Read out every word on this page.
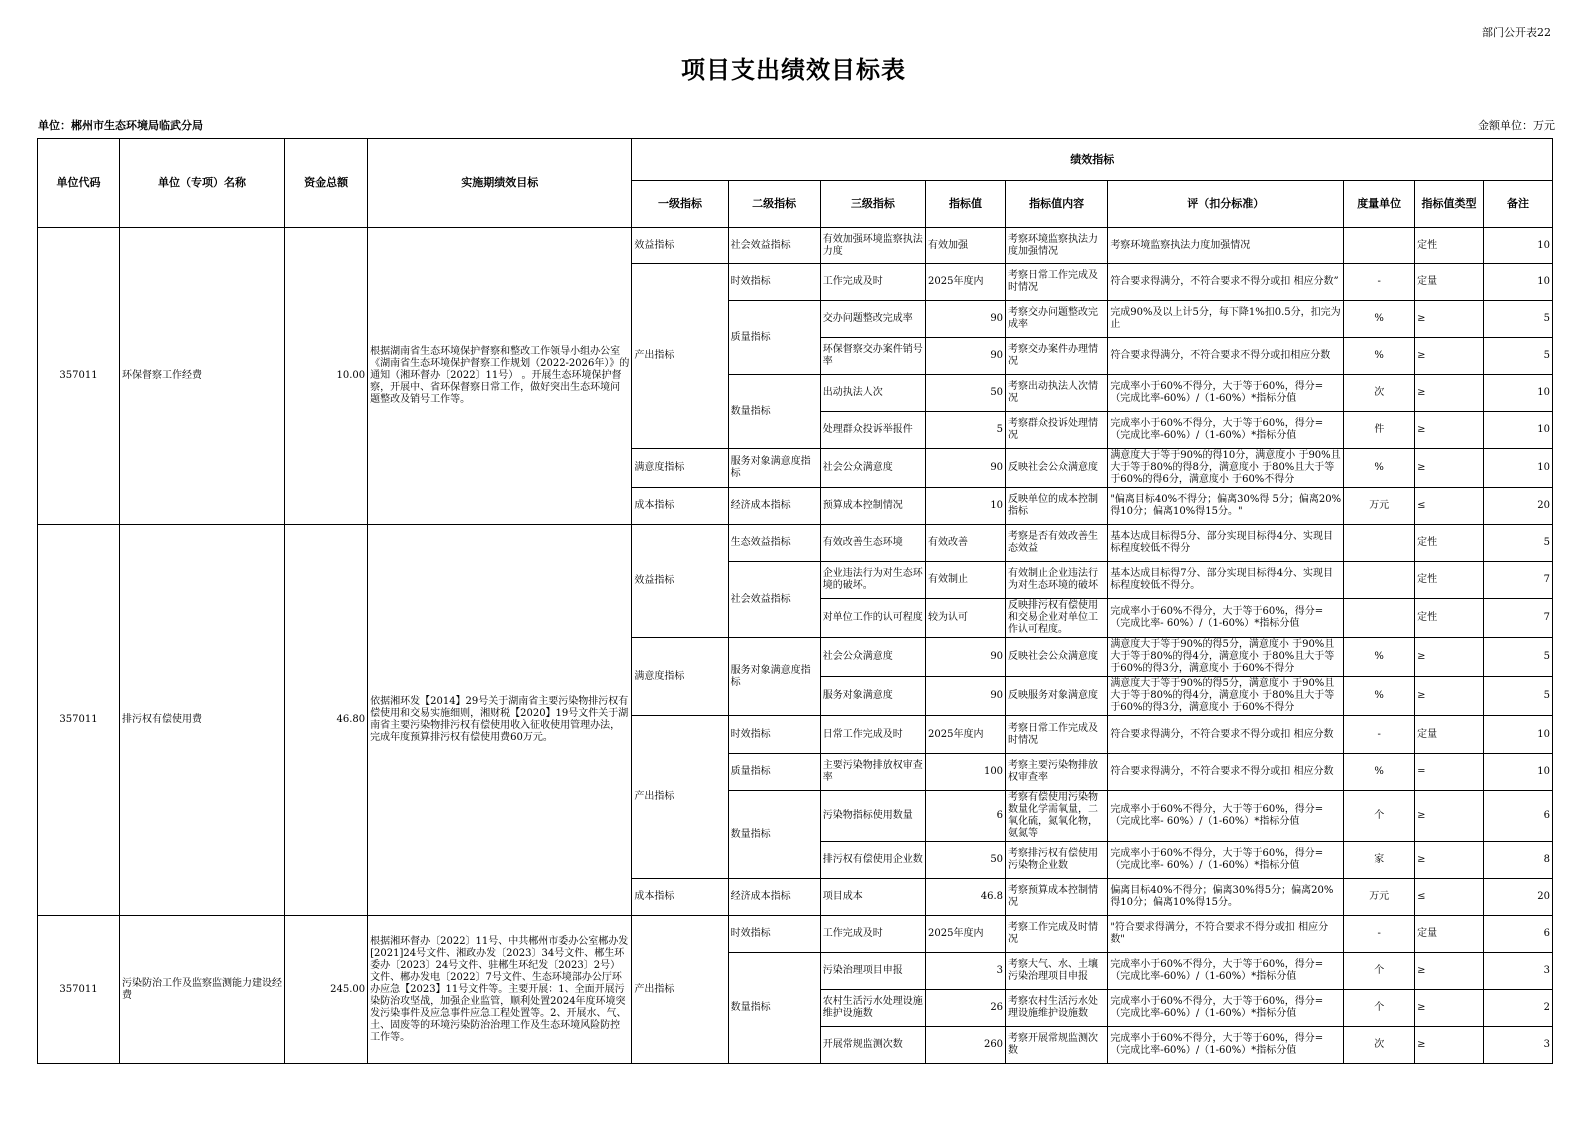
部门公开表22
项目支出绩效目标表
单位：郴州市生态环境局临武分局	金额单位：万元
单位代码	单位（专项）名称	资金总额	实施期绩效目标	绩效指标								
				一级指标	二级指标	三级指标	指标值	指标值内容	评（扣分标准）	度量单位	指标值类型	备注
357011	环保督察工作经费	10.00	根据湖南省生态环境保护督察和整改工作领导小组办公室《湖南省生态环境保护督察工作规划（2022-2026年）》的通知（湘环督办〔2022〕11号） 。开展生态环境保护督察，开展中、省环保督察日常工作，做好突出生态环境问题整改及销号工作等。	效益指标	社会效益指标	有效加强环境监察执法力度	有效加强	考察环境监察执法力度加强情况	考察环境监察执法力度加强情况		定性	10
				产出指标	时效指标	工作完成及时	2025年度内	考察日常工作完成及时情况	符合要求得满分，不符合要求不得分或扣 相应分数”	-	定量	10
					质量指标	交办问题整改完成率	90	考察交办问题整改完成率	完成90%及以上计5分，每下降1%扣0.5分，扣完为止	%	≥	5
						环保督察交办案件销号率	90	考察交办案件办理情况	符合要求得满分，不符合要求不得分或扣相应分数	%	≥	5
					数量指标	出动执法人次	50	考察出动执法人次情况	完成率小于60%不得分，大于等于60%，得分=（完成比率-60%）/（1-60%）*指标分值	次	≥	10
						处理群众投诉举报件	5	考察群众投诉处理情况	完成率小于60%不得分，大于等于60%，得分=（完成比率-60%）/（1-60%）*指标分值	件	≥	10
				满意度指标	服务对象满意度指标	社会公众满意度	90	反映社会公众满意度	满意度大于等于90%的得10分，满意度小 于90%且大于等于80%的得8分，满意度小 于80%且大于等于60%的得6分，满意度小 于60%不得分	%	≥	10
				成本指标	经济成本指标	预算成本控制情况	10	反映单位的成本控制指标	"偏离目标40%不得分；偏离30%得 5分；偏离20%得10分；偏离10%得15分。"	万元	≤	20
357011	排污权有偿使用费	46.80	依据湘环发【2014】29号关于湖南省主要污染物排污权有偿使用和交易实施细则，湘财税【2020】19号文件关于湖南省主要污染物排污权有偿使用收入征收使用管理办法，完成年度预算排污权有偿使用费60万元。	效益指标	生态效益指标	有效改善生态环境	有效改善	考察是否有效改善生态效益	基本达成目标得5分、部分实现目标得4分、实现目标程度较低不得分		定性	5
					社会效益指标	企业违法行为对生态环境的破坏。	有效制止	有效制止企业违法行为对生态环境的破坏	基本达成目标得7分、部分实现目标得4分、实现目标程度较低不得分。		定性	7
						对单位工作的认可程度	较为认可	反映排污权有偿使用和交易企业对单位工作认可程度。	完成率小于60%不得分，大于等于60%，得分=（完成比率- 60%）/（1-60%）*指标分值		定性	7
				满意度指标	服务对象满意度指标	社会公众满意度	90	反映社会公众满意度	满意度大于等于90%的得5分，满意度小 于90%且大于等于80%的得4分，满意度小 于80%且大于等于60%的得3分，满意度小 于60%不得分	%	≥	5
						服务对象满意度	90	反映服务对象满意度	满意度大于等于90%的得5分，满意度小 于90%且大于等于80%的得4分，满意度小 于80%且大于等于60%的得3分，满意度小 于60%不得分	%	≥	5
				产出指标	时效指标	日常工作完成及时	2025年度内	考察日常工作完成及时情况	符合要求得满分，不符合要求不得分或扣 相应分数	-	定量	10
					质量指标	主要污染物排放权审查率	100	考察主要污染物排放权审查率	符合要求得满分，不符合要求不得分或扣 相应分数	%	=	10
					数量指标	污染物指标使用数量	6	考察有偿使用污染物数量化学需氧量，二氧化硫，氮氧化物，氨氮等	完成率小于60%不得分，大于等于60%，得分=（完成比率- 60%）/（1-60%）*指标分值	个	≥	6
						排污权有偿使用企业数	50	考察排污权有偿使用污染物企业数	完成率小于60%不得分，大于等于60%，得分=（完成比率- 60%）/（1-60%）*指标分值	家	≥	8
				成本指标	经济成本指标	项目成本	46.8	考察预算成本控制情况	偏离目标40%不得分；偏离30%得5分；偏离20%得10分；偏离10%得15分。	万元	≤	20
357011	污染防治工作及监察监测能力建设经费	245.00	根据湘环督办〔2022〕11号、中共郴州市委办公室郴办发[2021]24号文件、湘政办发〔2023〕34号文件、郴生环委办〔2023〕24号文件、驻郴生环纪发〔2023〕2号）文件、郴办发电〔2022〕7号文件、生态环境部办公厅环办应急【2023】11号文件等。主要开展：1、全面开展污染防治攻坚战，加强企业监管，顺利处置2024年度环境突发污染事件及应急事件应急工程处置等。2、开展水、气、土、固废等的环境污染防治治理工作及生态环境风险防控工作等。	产出指标	时效指标	工作完成及时	2025年度内	考察工作完成及时情况	"符合要求得满分，不符合要求不得分或扣 相应分数"	-	定量	6
					数量指标	污染治理项目申报	3	考察大气、水、土壤污染治理项目申报	完成率小于60%不得分，大于等于60%，得分=（完成比率-60%）/（1-60%）*指标分值	个	≥	3
						农村生活污水处理设施维护设施数	26	考察农村生活污水处理设施维护设施数	完成率小于60%不得分，大于等于60%，得分=（完成比率-60%）/（1-60%）*指标分值	个	≥	2
						开展常规监测次数	260	考察开展常规监测次数	完成率小于60%不得分，大于等于60%，得分=（完成比率-60%）/（1-60%）*指标分值	次	≥	3
